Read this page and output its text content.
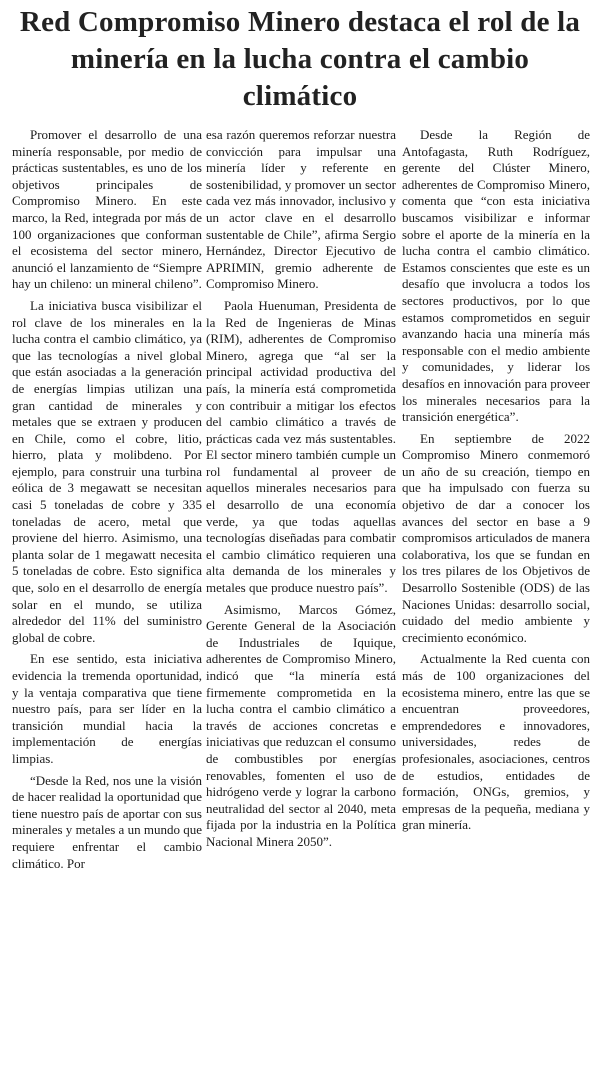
Red Compromiso Minero destaca el rol de la minería en la lucha contra el cambio climático

Promover el desarrollo de una minería responsable, por medio de prácticas sustentables, es uno de los objetivos principales de Compromiso Minero. En este marco, la Red, integrada por más de 100 organizaciones que conforman el ecosistema del sector minero, anunció el lanzamiento de “Siempre hay un chileno: un mineral chileno”.

La iniciativa busca visibilizar el rol clave de los minerales en la lucha contra el cambio climático, ya que las tecnologías a nivel global que están asociadas a la generación de energías limpias utilizan una gran cantidad de minerales y metales que se extraen y producen en Chile, como el cobre, litio, hierro, plata y molibdeno. Por ejemplo, para construir una turbina eólica de 3 megawatt se necesitan casi 5 toneladas de cobre y 335 toneladas de acero, metal que proviene del hierro. Asimismo, una planta solar de 1 megawatt necesita 5 toneladas de cobre. Esto significa que, solo en el desarrollo de energía solar en el mundo, se utiliza alrededor del 11% del suministro global de cobre.

En ese sentido, esta iniciativa evidencia la tremenda oportunidad, y la ventaja comparativa que tiene nuestro país, para ser líder en la transición mundial hacia la implementación de energías limpias.

“Desde la Red, nos une la visión de hacer realidad la oportunidad que tiene nuestro país de aportar con sus minerales y metales a un mundo que requiere enfrentar el cambio climático. Por

esa razón queremos reforzar nuestra convicción para impulsar una minería líder y referente en sostenibilidad, y promover un sector cada vez más innovador, inclusivo y un actor clave en el desarrollo sustentable de Chile”, afirma Sergio Hernández, Director Ejecutivo de APRIMIN, gremio adherente de Compromiso Minero.

Paola Huenuman, Presidenta de la Red de Ingenieras de Minas (RIM), adherentes de Compromiso Minero, agrega que “al ser la principal actividad productiva del país, la minería está comprometida con contribuir a mitigar los efectos del cambio climático a través de prácticas cada vez más sustentables. El sector minero también cumple un rol fundamental al proveer de aquellos minerales necesarios para el desarrollo de una economía verde, ya que todas aquellas tecnologías diseñadas para combatir el cambio climático requieren una alta demanda de los minerales y metales que produce nuestro país”.

Asimismo, Marcos Gómez, Gerente General de la Asociación de Industriales de Iquique, adherentes de Compromiso Minero, indicó que “la minería está firmemente comprometida en la lucha contra el cambio climático a través de acciones concretas e iniciativas que reduzcan el consumo de combustibles por energías renovables, fomenten el uso de hidrógeno verde y lograr la carbono neutralidad del sector al 2040, meta fijada por la industria en la Política Nacional Minera 2050”.

Desde la Región de Antofagasta, Ruth Rodríguez, gerente del Clúster Minero, adherentes de Compromiso Minero, comenta que “con esta iniciativa buscamos visibilizar e informar sobre el aporte de la minería en la lucha contra el cambio climático. Estamos conscientes que este es un desafío que involucra a todos los sectores productivos, por lo que estamos comprometidos en seguir avanzando hacia una minería más responsable con el medio ambiente y comunidades, y liderar los desafíos en innovación para proveer los minerales necesarios para la transición energética”.

En septiembre de 2022 Compromiso Minero conmemoró un año de su creación, tiempo en que ha impulsado con fuerza su objetivo de dar a conocer los avances del sector en base a 9 compromisos articulados de manera colaborativa, los que se fundan en los tres pilares de los Objetivos de Desarrollo Sostenible (ODS) de las Naciones Unidas: desarrollo social, cuidado del medio ambiente y crecimiento económico.

Actualmente la Red cuenta con más de 100 organizaciones del ecosistema minero, entre las que se encuentran proveedores, emprendedores e innovadores, universidades, redes de profesionales, asociaciones, centros de estudios, entidades de formación, ONGs, gremios, y empresas de la pequeña, mediana y gran minería.
